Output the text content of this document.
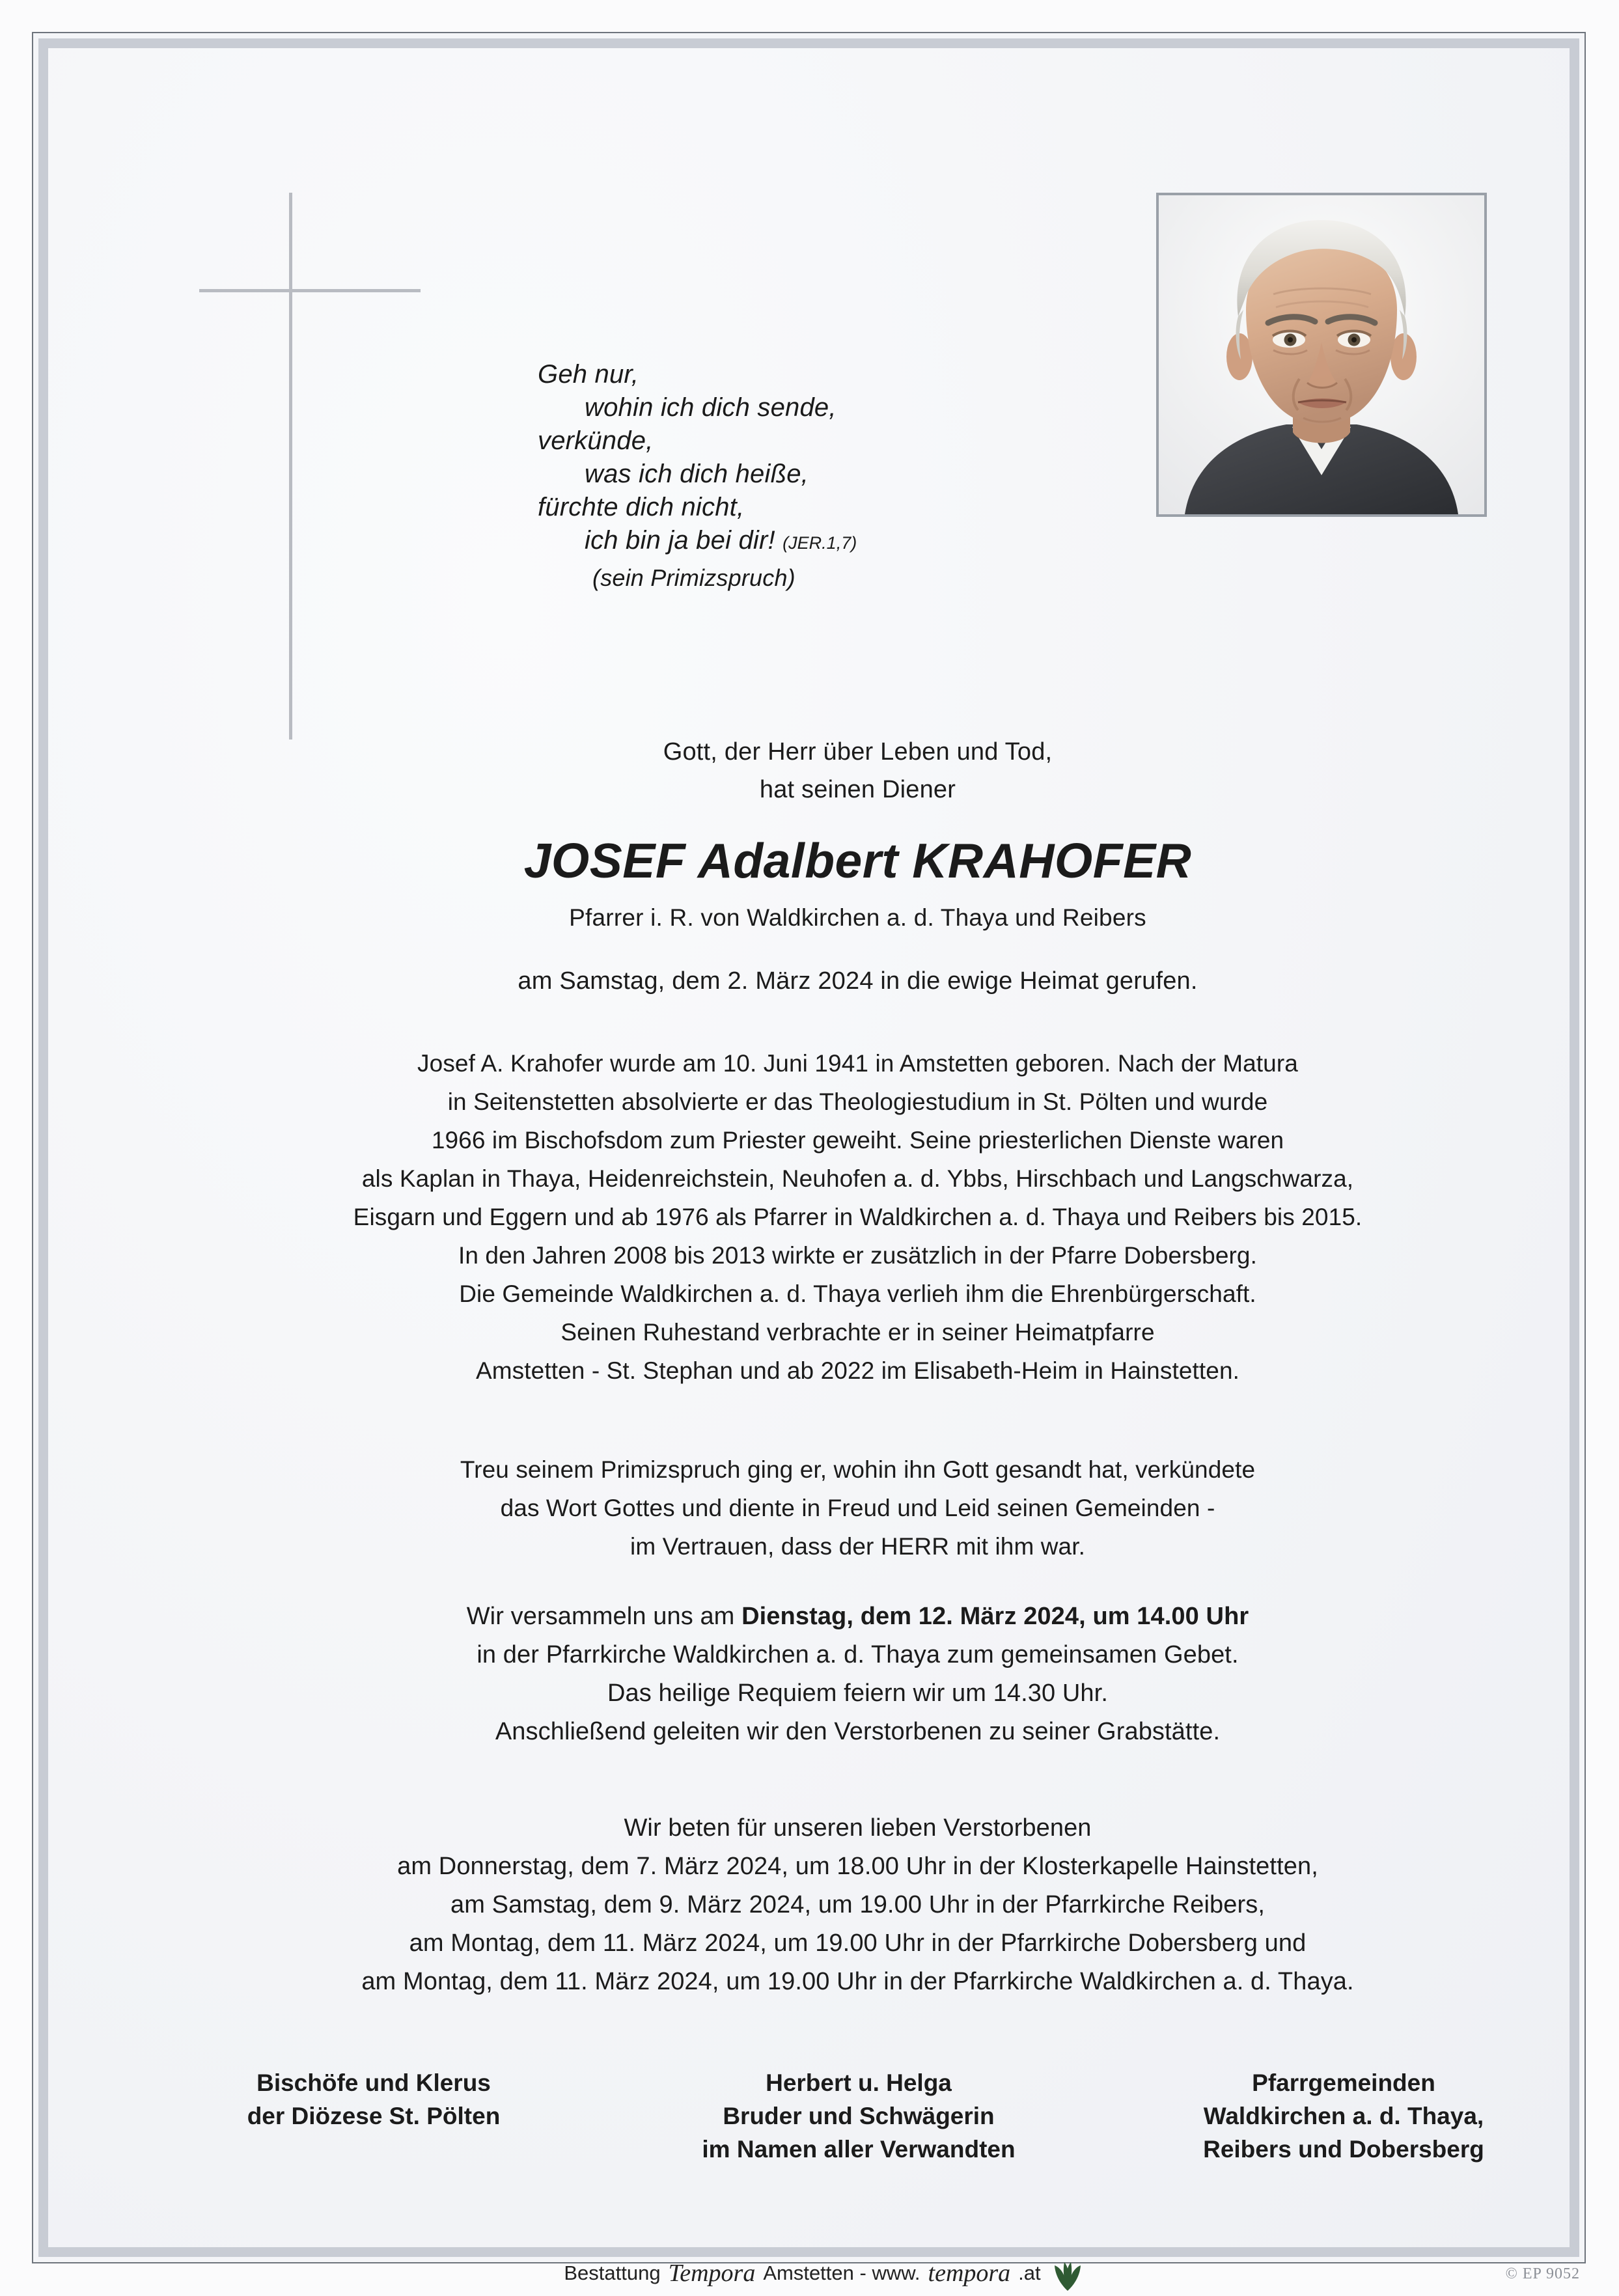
Geh nur,
wohin ich dich sende,
verkünde,
was ich dich heiße,
fürchte dich nicht,
ich bin ja bei dir! (JER.1,7)
(sein Primizspruch)
Gott, der Herr über Leben und Tod,
hat seinen Diener
JOSEF Adalbert KRAHOFER
Pfarrer i. R. von Waldkirchen a. d. Thaya und Reibers
am Samstag, dem 2. März 2024 in die ewige Heimat gerufen.
Josef A. Krahofer wurde am 10. Juni 1941 in Amstetten geboren. Nach der Matura
in Seitenstetten absolvierte er das Theologiestudium in St. Pölten und wurde
1966 im Bischofsdom zum Priester geweiht. Seine priesterlichen Dienste waren
als Kaplan in Thaya, Heidenreichstein, Neuhofen a. d. Ybbs, Hirschbach und Langschwarza,
Eisgarn und Eggern und ab 1976 als Pfarrer in Waldkirchen a. d. Thaya und Reibers bis 2015.
In den Jahren 2008 bis 2013 wirkte er zusätzlich in der Pfarre Dobersberg.
Die Gemeinde Waldkirchen a. d. Thaya verlieh ihm die Ehrenbürgerschaft.
Seinen Ruhestand verbrachte er in seiner Heimatpfarre
Amstetten - St. Stephan und ab 2022 im Elisabeth-Heim in Hainstetten.
Treu seinem Primizspruch ging er, wohin ihn Gott gesandt hat, verkündete
das Wort Gottes und diente in Freud und Leid seinen Gemeinden -
im Vertrauen, dass der HERR mit ihm war.
Wir versammeln uns am Dienstag, dem 12. März 2024, um 14.00 Uhr
in der Pfarrkirche Waldkirchen a. d. Thaya zum gemeinsamen Gebet.
Das heilige Requiem feiern wir um 14.30 Uhr.
Anschließend geleiten wir den Verstorbenen zu seiner Grabstätte.
Wir beten für unseren lieben Verstorbenen
am Donnerstag, dem 7. März 2024, um 18.00 Uhr in der Klosterkapelle Hainstetten,
am Samstag, dem 9. März 2024, um 19.00 Uhr in der Pfarrkirche Reibers,
am Montag, dem 11. März 2024, um 19.00 Uhr in der Pfarrkirche Dobersberg und
am Montag, dem 11. März 2024, um 19.00 Uhr in der Pfarrkirche Waldkirchen a. d. Thaya.
Bischöfe und Klerus
der Diözese St. Pölten
Herbert u. Helga
Bruder und Schwägerin
im Namen aller Verwandten
Pfarrgemeinden
Waldkirchen a. d. Thaya,
Reibers und Dobersberg
Bestattung Tempora Amstetten - www. tempora .at	© EP 9052
